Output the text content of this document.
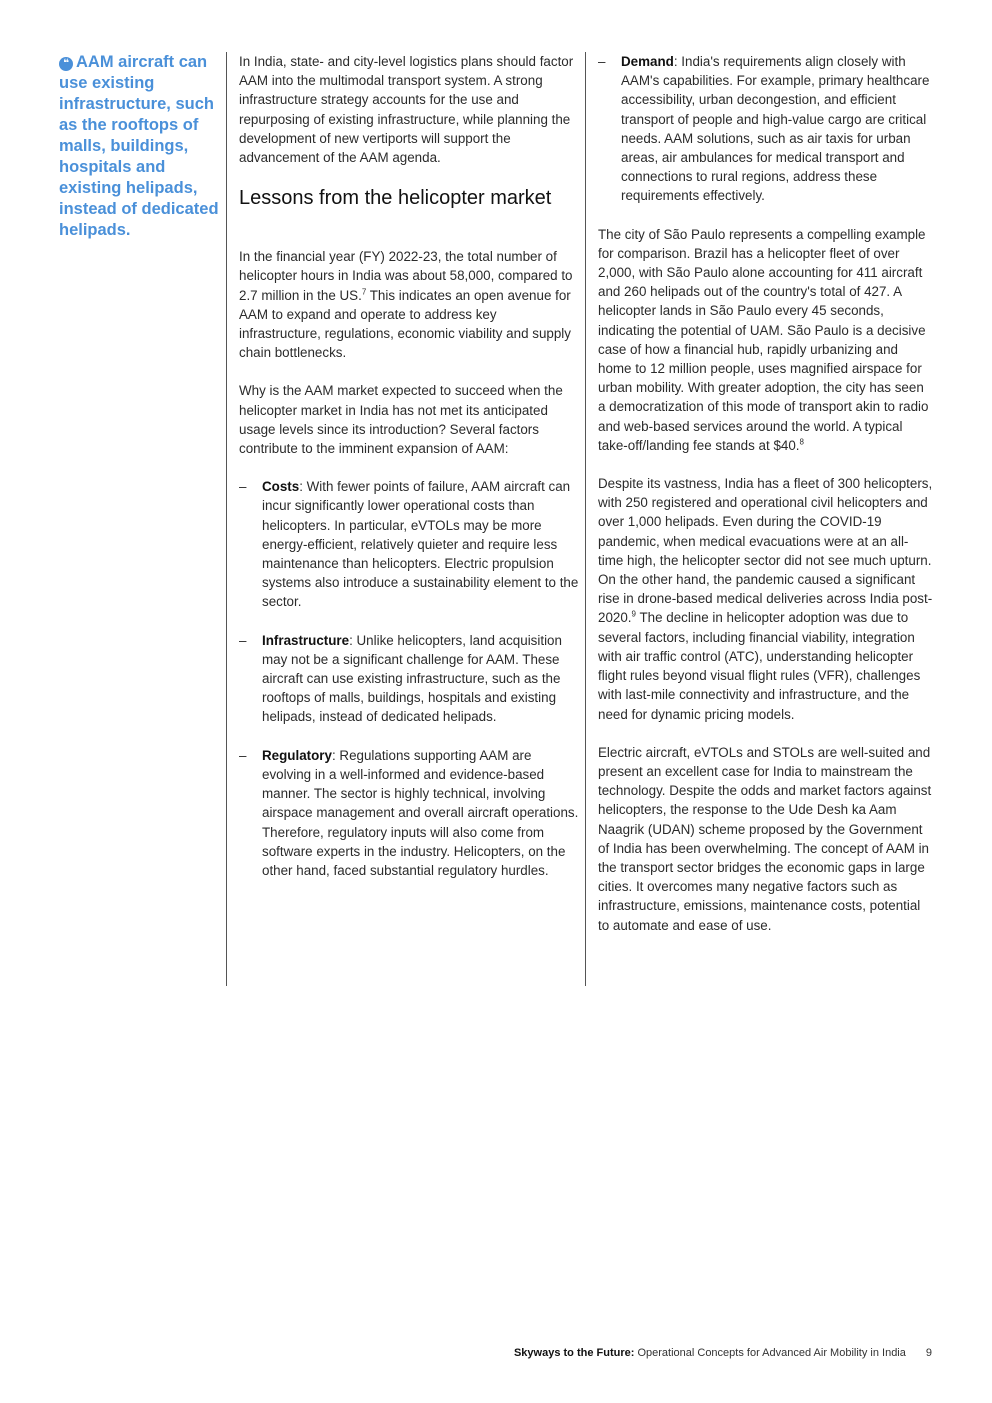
❝ AAM aircraft can use existing infrastructure, such as the rooftops of malls, buildings, hospitals and existing helipads, instead of dedicated helipads.

In India, state- and city-level logistics plans should factor AAM into the multimodal transport system. A strong infrastructure strategy accounts for the use and repurposing of existing infrastructure, while planning the development of new vertiports will support the advancement of the AAM agenda.

Lessons from the helicopter market

In the financial year (FY) 2022-23, the total number of helicopter hours in India was about 58,000, compared to 2.7 million in the US.$^7$ This indicates an open avenue for AAM to expand and operate to address key infrastructure, regulations, economic viability and supply chain bottlenecks.

Why is the AAM market expected to succeed when the helicopter market in India has not met its anticipated usage levels since its introduction? Several factors contribute to the imminent expansion of AAM:

– Costs: With fewer points of failure, AAM aircraft can incur significantly lower operational costs than helicopters. In particular, eVTOLs may be more energy-efficient, relatively quieter and require less maintenance than helicopters. Electric propulsion systems also introduce a sustainability element to the sector.
– Infrastructure: Unlike helicopters, land acquisition may not be a significant challenge for AAM. These aircraft can use existing infrastructure, such as the rooftops of malls, buildings, hospitals and existing helipads, instead of dedicated helipads.
– Regulatory: Regulations supporting AAM are evolving in a well-informed and evidence-based manner. The sector is highly technical, involving airspace management and overall aircraft operations. Therefore, regulatory inputs will also come from software experts in the industry. Helicopters, on the other hand, faced substantial regulatory hurdles.
– Demand: India's requirements align closely with AAM's capabilities. For example, primary healthcare accessibility, urban decongestion, and efficient transport of people and high-value cargo are critical needs. AAM solutions, such as air taxis for urban areas, air ambulances for medical transport and connections to rural regions, address these requirements effectively.

The city of São Paulo represents a compelling example for comparison. Brazil has a helicopter fleet of over 2,000, with São Paulo alone accounting for 411 aircraft and 260 helipads out of the country's total of 427. A helicopter lands in São Paulo every 45 seconds, indicating the potential of UAM. São Paulo is a decisive case of how a financial hub, rapidly urbanizing and home to 12 million people, uses magnified airspace for urban mobility. With greater adoption, the city has seen a democratization of this mode of transport akin to radio and web-based services around the world. A typical take-off/landing fee stands at $40.$^8$

Despite its vastness, India has a fleet of 300 helicopters, with 250 registered and operational civil helicopters and over 1,000 helipads. Even during the COVID-19 pandemic, when medical evacuations were at an all-time high, the helicopter sector did not see much upturn. On the other hand, the pandemic caused a significant rise in drone-based medical deliveries across India post-2020.$^9$ The decline in helicopter adoption was due to several factors, including financial viability, integration with air traffic control (ATC), understanding helicopter flight rules beyond visual flight rules (VFR), challenges with last-mile connectivity and infrastructure, and the need for dynamic pricing models.

Electric aircraft, eVTOLs and STOLs are well-suited and present an excellent case for India to mainstream the technology. Despite the odds and market factors against helicopters, the response to the Ude Desh ka Aam Naagrik (UDAN) scheme proposed by the Government of India has been overwhelming. The concept of AAM in the transport sector bridges the economic gaps in large cities. It overcomes many negative factors such as infrastructure, emissions, maintenance costs, potential to automate and ease of use.

Skyways to the Future: Operational Concepts for Advanced Air Mobility in India 9
